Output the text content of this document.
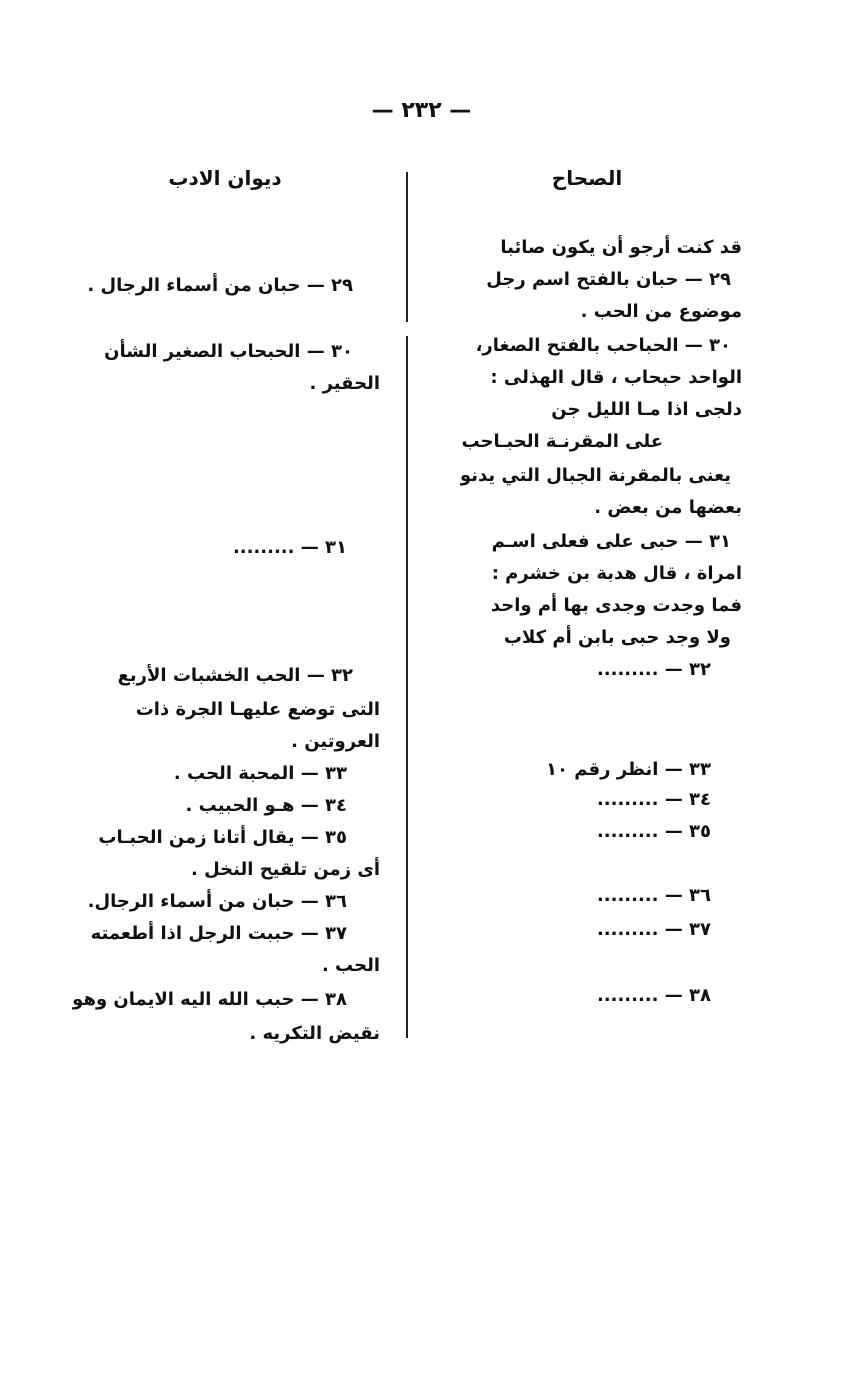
— ٢٣٢ —
الصحاح
ديوان الادب
قد كنت أرجو أن يكون صائبا
٢٩ — حبان بالفتح اسم رجل
موضوع من الحب .
٣٠ — الحباحب بالفتح الصغار،
الواحد حبحاب ، قال الهذلى :
دلجى اذا مـا الليل جن
على المقرنـة الحبـاحب
يعنى بالمقرنة الجبال التي يدنو
بعضها من بعض .
٣١ — حبى على فعلى اسـم
امراة ، قال هدبة بن خشرم :
فما وجدت وجدى بها أم واحد
ولا وجد حبى بابن أم كلاب
٣٢ — .........
٣٣ — انظر رقم ١٠
٣٤ — .........
٣٥ — .........
٣٦ — .........
٣٧ — .........
٣٨ — .........
٢٩ — حبان من أسماء الرجال .
٣٠ — الحبحاب الصغير الشأن
الحقير .
٣١ — .........
٣٢ — الحب الخشبات الأربع
التى توضع عليهـا الجرة ذات
العروتين .
٣٣ — المحبة الحب .
٣٤ — هـو الحبيب .
٣٥ — يقال أتانا زمن الحبـاب
أى زمن تلقيح النخل .
٣٦ — حبان من أسماء الرجال.
٣٧ — حببت الرجل اذا أطعمته
الحب .
٣٨ — حبب الله اليه الايمان وهو
نقيض التكريه .
